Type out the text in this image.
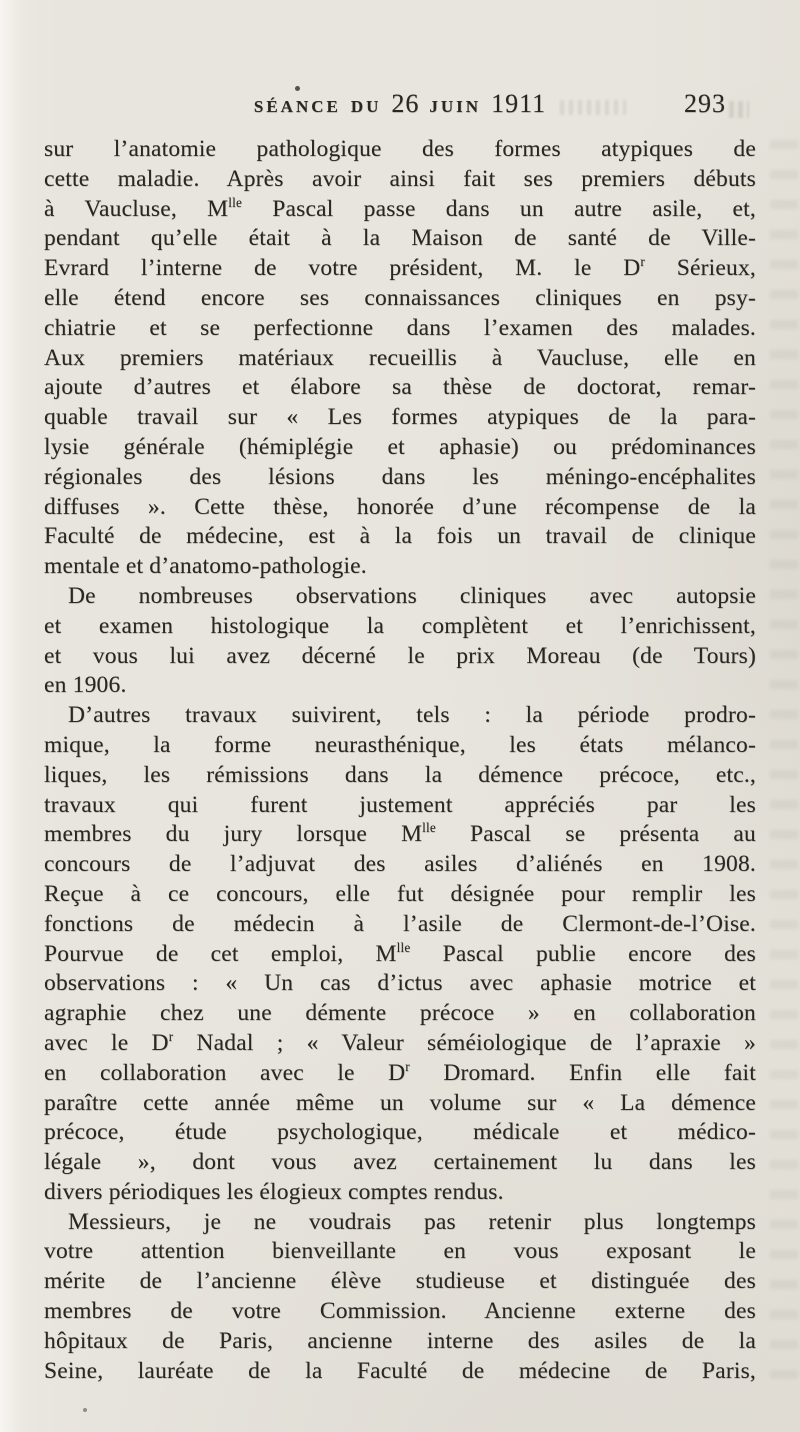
SÉANCE DU 26 JUIN 1911	293
sur l’anatomie pathologique des formes atypiques de
cette maladie. Après avoir ainsi fait ses premiers débuts
à Vaucluse, $M^{lle}$ Pascal passe dans un autre asile, et,
pendant qu’elle était à la Maison de santé de Ville-
Evrard l’interne de votre président, M. le $D^r$ Sérieux,
elle étend encore ses connaissances cliniques en psy-
chiatrie et se perfectionne dans l’examen des malades.
Aux premiers matériaux recueillis à Vaucluse, elle en
ajoute d’autres et élabore sa thèse de doctorat, remar-
quable travail sur « Les formes atypiques de la para-
lysie générale (hémiplégie et aphasie) ou prédominances
régionales des lésions dans les méningo-encéphalites
diffuses ». Cette thèse, honorée d’une récompense de la
Faculté de médecine, est à la fois un travail de clinique
mentale et d’anatomo-pathologie.
De nombreuses observations cliniques avec autopsie
et examen histologique la complètent et l’enrichissent,
et vous lui avez décerné le prix Moreau (de Tours)
en 1906.
D’autres travaux suivirent, tels : la période prodro-
mique, la forme neurasthénique, les états mélanco-
liques, les rémissions dans la démence précoce, etc.,
travaux qui furent justement appréciés par les
membres du jury lorsque $M^{lle}$ Pascal se présenta au
concours de l’adjuvat des asiles d’aliénés en 1908.
Reçue à ce concours, elle fut désignée pour remplir les
fonctions de médecin à l’asile de Clermont-de-l’Oise.
Pourvue de cet emploi, $M^{lle}$ Pascal publie encore des
observations : « Un cas d’ictus avec aphasie motrice et
agraphie chez une démente précoce » en collaboration
avec le $D^r$ Nadal ; « Valeur séméiologique de l’apraxie »
en collaboration avec le $D^r$ Dromard. Enfin elle fait
paraître cette année même un volume sur « La démence
précoce, étude psychologique, médicale et médico-
légale », dont vous avez certainement lu dans les
divers périodiques les élogieux comptes rendus.
Messieurs, je ne voudrais pas retenir plus longtemps
votre attention bienveillante en vous exposant le
mérite de l’ancienne élève studieuse et distinguée des
membres de votre Commission. Ancienne externe des
hôpitaux de Paris, ancienne interne des asiles de la
Seine, lauréate de la Faculté de médecine de Paris,
